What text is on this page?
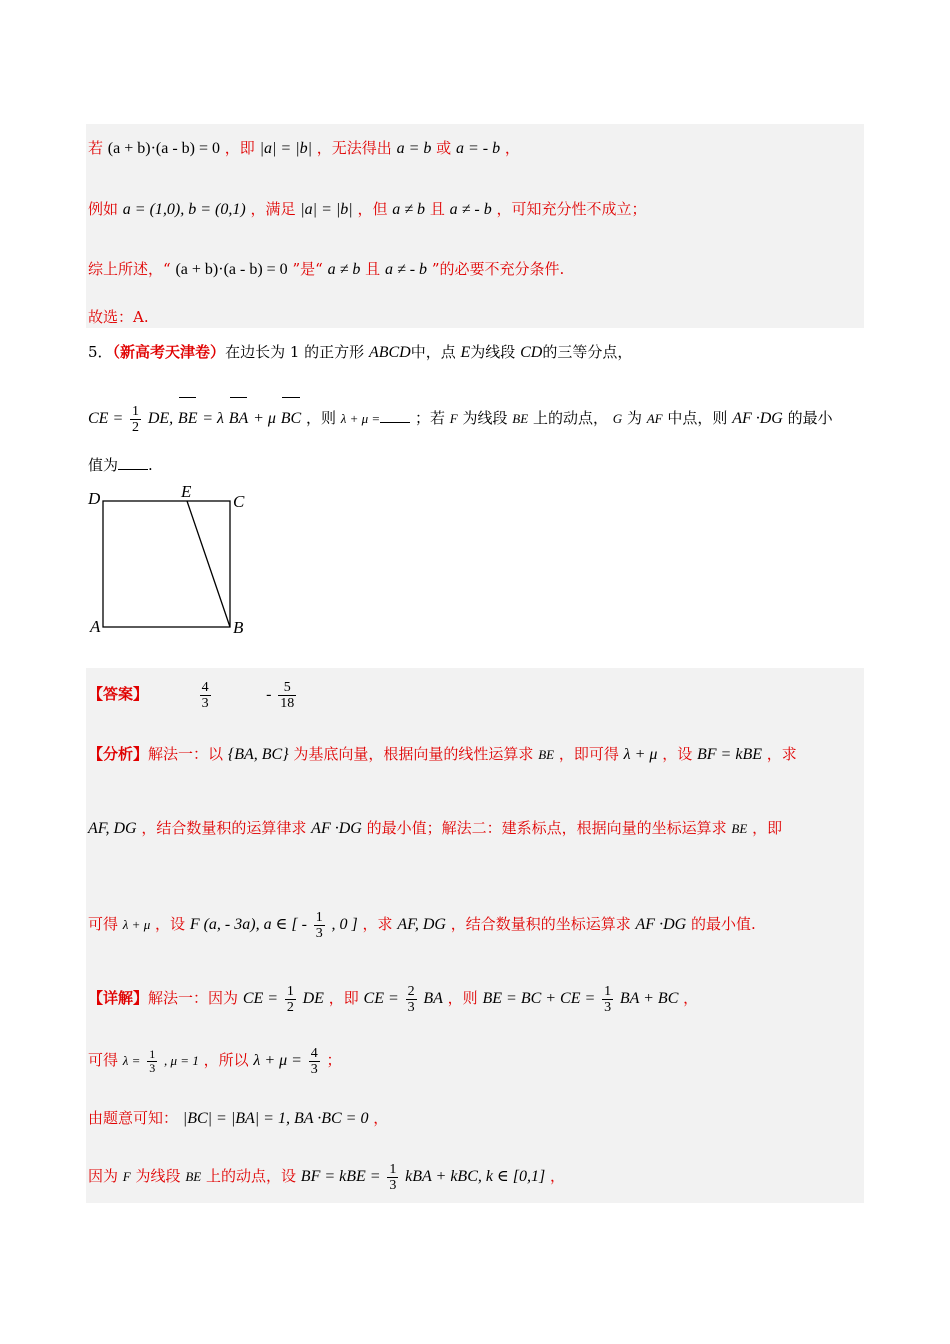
若 (a + b)·(a - b) = 0 ，即 |a| = |b| ，无法得出 a = b 或 a = - b ，
例如 a = (1,0), b = (0,1) ，满足 |a| = |b| ，但 a ≠ b 且 a ≠ - b ，可知充分性不成立；
综上所述，“ (a + b)·(a - b) = 0 ”是“ a ≠ b 且 a ≠ - b ”的必要不充分条件.
故选：A.
5．（新高考天津卷）在边长为 1 的正方形 ABCD中，点 E为线段 CD的三等分点，
CE = $\frac{1}{2}$ DE, BE = λ BA + μ BC ，则 λ + μ = ；若 F 为线段 BE 上的动点， G 为 AF 中点，则 AF ·DG 的最小
值为 .
D	E
C
A	B
【答案】	$\frac{4}{3}$	- $\frac{5}{18}$
【分析】解法一：以 {BA, BC} 为基底向量，根据向量的线性运算求 BE ，即可得 λ + μ ，设 BF = kBE ，求
AF, DG ，结合数量积的运算律求 AF ·DG 的最小值；解法二：建系标点，根据向量的坐标运算求 BE ，即
可得 λ + μ ，设 F (a, - 3a), a ∈ [ - $\frac{1}{3}$ , 0 ] ，求 AF, DG ，结合数量积的坐标运算求 AF ·DG 的最小值.
【详解】解法一：因为 CE = $\frac{1}{2}$ DE ，即 CE = $\frac{2}{3}$ BA ，则 BE = BC + CE = $\frac{1}{3}$ BA + BC ，
可得 $\lambda = \frac{1}{3}$ , μ = 1 ，所以 $\lambda + \mu = \frac{4}{3}$ ；
由题意可知： |BC| = |BA| = 1, BA ·BC = 0 ，
因为 F 为线段 BE 上的动点，设 BF = kBE = $\frac{1}{3}$ kBA + kBC, k ∈ [0,1] ，
